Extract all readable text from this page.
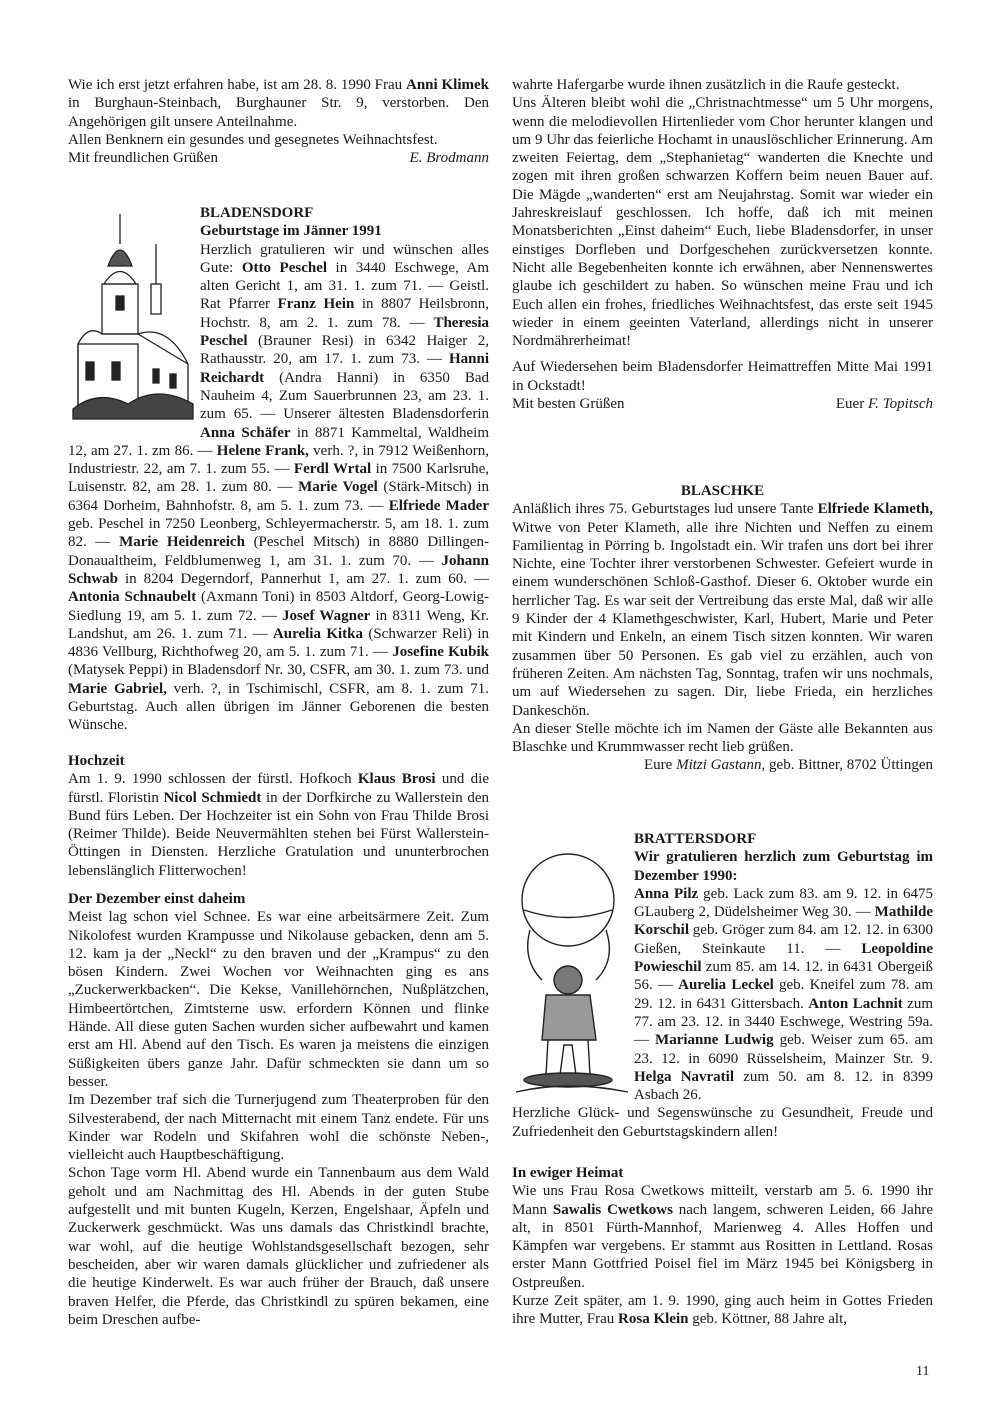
Wie ich erst jetzt erfahren habe, ist am 28. 8. 1990 Frau Anni Klimek in Burghaun-Steinbach, Burghauner Str. 9, verstorben. Den Angehörigen gilt unsere Anteilnahme.

Allen Benknern ein gesundes und gesegnetes Weihnachtsfest.

Mit freundlichen Grüßen	E. Brodmann
BLADENSDORF
Geburtstage im Jänner 1991

Herzlich gratulieren wir und wünschen alles Gute: Otto Peschel in 3440 Eschwege, Am alten Gericht 1, am 31. 1. zum 71. — Geistl. Rat Pfarrer Franz Hein in 8807 Heilsbronn, Hochstr. 8, am 2. 1. zum 78. — Theresia Peschel (Brauner Resi) in 6342 Haiger 2, Rathausstr. 20, am 17. 1. zum 73. — Hanni Reichardt (Andra Hanni) in 6350 Bad Nauheim 4, Zum Sauerbrunnen 23, am 23. 1. zum 65. — Unserer ältesten Bladensdorferin Anna Schäfer in 8871 Kammeltal, Waldheim 12, am 27. 1. zm 86. — Helene Frank, verh. ?, in 7912 Weißenhorn, Industriestr. 22, am 7. 1. zum 55. — Ferdl Wrtal in 7500 Karlsruhe, Luisenstr. 82, am 28. 1. zum 80. — Marie Vogel (Stärk-Mitsch) in 6364 Dorheim, Bahnhofstr. 8, am 5. 1. zum 73. — Elfriede Mader geb. Peschel in 7250 Leonberg, Schleyermacherstr. 5, am 18. 1. zum 82. — Marie Heidenreich (Peschel Mitsch) in 8880 Dillingen-Donaualtheim, Feldblumenweg 1, am 31. 1. zum 70. — Johann Schwab in 8204 Degerndorf, Pannerhut 1, am 27. 1. zum 60. — Antonia Schnaubelt (Axmann Toni) in 8503 Altdorf, Georg-Lowig-Siedlung 19, am 5. 1. zum 72. — Josef Wagner in 8311 Weng, Kr. Landshut, am 26. 1. zum 71. — Aurelia Kitka (Schwarzer Reli) in 4836 Vellburg, Richthofweg 20, am 5. 1. zum 71. — Josefine Kubik (Matysek Peppi) in Bladensdorf Nr. 30, CSFR, am 30. 1. zum 73. und Marie Gabriel, verh. ?, in Tschimischl, CSFR, am 8. 1. zum 71. Geburtstag. Auch allen übrigen im Jänner Geborenen die besten Wünsche.

Hochzeit

Am 1. 9. 1990 schlossen der fürstl. Hofkoch Klaus Brosi und die fürstl. Floristin Nicol Schmiedt in der Dorfkirche zu Wallerstein den Bund fürs Leben. Der Hochzeiter ist ein Sohn von Frau Thilde Brosi (Reimer Thilde). Beide Neuvermählten stehen bei Fürst Wallerstein-Öttingen in Diensten. Herzliche Gratulation und ununterbrochen lebenslänglich Flitterwochen!

Der Dezember einst daheim

Meist lag schon viel Schnee. Es war eine arbeitsärmere Zeit. Zum Nikolofest wurden Krampusse und Nikolause gebacken, denn am 5. 12. kam ja der „Neckl“ zu den braven und der „Krampus“ zu den bösen Kindern. Zwei Wochen vor Weihnachten ging es ans „Zuckerwerkbacken“. Die Kekse, Vanillehörnchen, Nußplätzchen, Himbeertörtchen, Zimtsterne usw. erfordern Können und flinke Hände. All diese guten Sachen wurden sicher aufbewahrt und kamen erst am Hl. Abend auf den Tisch. Es waren ja meistens die einzigen Süßigkeiten übers ganze Jahr. Dafür schmeckten sie dann um so besser.

Im Dezember traf sich die Turnerjugend zum Theaterproben für den Silvesterabend, der nach Mitternacht mit einem Tanz endete. Für uns Kinder war Rodeln und Skifahren wohl die schönste Neben-, vielleicht auch Hauptbeschäftigung.

Schon Tage vorm Hl. Abend wurde ein Tannenbaum aus dem Wald geholt und am Nachmittag des Hl. Abends in der guten Stube aufgestellt und mit bunten Kugeln, Kerzen, Engelshaar, Äpfeln und Zuckerwerk geschmückt. Was uns damals das Christkindl brachte, war wohl, auf die heutige Wohlstandsgesellschaft bezogen, sehr bescheiden, aber wir waren damals glücklicher und zufriedener als die heutige Kinderwelt. Es war auch früher der Brauch, daß unsere braven Helfer, die Pferde, das Christkindl zu spüren bekamen, eine beim Dreschen aufbe-

wahrte Hafergarbe wurde ihnen zusätzlich in die Raufe gesteckt.

Uns Älteren bleibt wohl die „Christnachtmesse“ um 5 Uhr morgens, wenn die melodievollen Hirtenlieder vom Chor herunter klangen und um 9 Uhr das feierliche Hochamt in unauslöschlicher Erinnerung. Am zweiten Feiertag, dem „Stephanietag“ wanderten die Knechte und zogen mit ihren großen schwarzen Koffern beim neuen Bauer auf. Die Mägde „wanderten“ erst am Neujahrstag. Somit war wieder ein Jahreskreislauf geschlossen. Ich hoffe, daß ich mit meinen Monatsberichten „Einst daheim“ Euch, liebe Bladensdorfer, in unser einstiges Dorfleben und Dorfgeschehen zurückversetzen konnte. Nicht alle Begebenheiten konnte ich erwähnen, aber Nennenswertes glaube ich geschildert zu haben. So wünschen meine Frau und ich Euch allen ein frohes, friedliches Weihnachtsfest, das erste seit 1945 wieder in einem geeinten Vaterland, allerdings nicht in unserer Nordmährerheimat!

Auf Wiedersehen beim Bladensdorfer Heimattreffen Mitte Mai 1991 in Ockstadt!

Mit besten Grüßen	Euer F. Topitsch
BLASCHKE

Anläßlich ihres 75. Geburtstages lud unsere Tante Elfriede Klameth, Witwe von Peter Klameth, alle ihre Nichten und Neffen zu einem Familientag in Pörring b. Ingolstadt ein. Wir trafen uns dort bei ihrer Nichte, eine Tochter ihrer verstorbenen Schwester. Gefeiert wurde in einem wunderschönen Schloß-Gasthof. Dieser 6. Oktober wurde ein herrlicher Tag. Es war seit der Vertreibung das erste Mal, daß wir alle 9 Kinder der 4 Klamethgeschwister, Karl, Hubert, Marie und Peter mit Kindern und Enkeln, an einem Tisch sitzen konnten. Wir waren zusammen über 50 Personen. Es gab viel zu erzählen, auch von früheren Zeiten. Am nächsten Tag, Sonntag, trafen wir uns nochmals, um auf Wiedersehen zu sagen. Dir, liebe Frieda, ein herzliches Dankeschön.

An dieser Stelle möchte ich im Namen der Gäste alle Bekannten aus Blaschke und Krummwasser recht lieb grüßen.

Eure Mitzi Gastann, geb. Bittner, 8702 Üttingen

BRATTERSDORF

Wir gratulieren herzlich zum Geburtstag im Dezember 1990:

Anna Pilz geb. Lack zum 83. am 9. 12. in 6475 GLauberg 2, Düdelsheimer Weg 30. — Mathilde Korschil geb. Gröger zum 84. am 12. 12. in 6300 Gießen, Steinkaute 11. — Leopoldine Powieschil zum 85. am 14. 12. in 6431 Obergeiß 56. — Aurelia Leckel geb. Kneifel zum 78. am 29. 12. in 6431 Gittersbach. Anton Lachnit zum 77. am 23. 12. in 3440 Eschwege, Westring 59a. — Marianne Ludwig geb. Weiser zum 65. am 23. 12. in 6090 Rüsselsheim, Mainzer Str. 9. Helga Navratil zum 50. am 8. 12. in 8399 Asbach 26.

Herzliche Glück- und Segenswünsche zu Gesundheit, Freude und Zufriedenheit den Geburtstagskindern allen!

In ewiger Heimat

Wie uns Frau Rosa Cwetkows mitteilt, verstarb am 5. 6. 1990 ihr Mann Sawalis Cwetkows nach langem, schweren Leiden, 66 Jahre alt, in 8501 Fürth-Mannhof, Marienweg 4. Alles Hoffen und Kämpfen war vergebens. Er stammt aus Rositten in Lettland. Rosas erster Mann Gottfried Poisel fiel im März 1945 bei Königsberg in Ostpreußen.

Kurze Zeit später, am 1. 9. 1990, ging auch heim in Gottes Frieden ihre Mutter, Frau Rosa Klein geb. Köttner, 88 Jahre alt,

11
